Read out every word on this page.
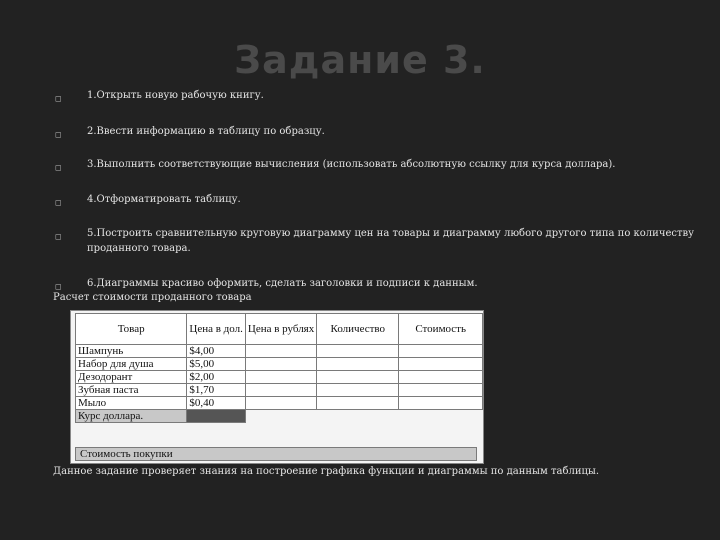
Задание 3.
◻	1.Открыть новую рабочую книгу.
◻	2.Ввести информацию в таблицу по образцу.
◻	3.Выполнить соответствующие вычисления (использовать абсолютную ссылку для курса доллара).
◻	4.Отформатировать таблицу.
◻	5.Построить сравнительную круговую диаграмму цен на товары и диаграмму любого другого типа по количеству проданного товара.
◻	6.Диаграммы красиво оформить, сделать заголовки и подписи к данным.
Расчет стоимости проданного товара
Товар	Цена в дол.	Цена в рублях	Количество	Стоимость
Шампунь	$4,00			
Набор для душа	$5,00			
Дезодорант	$2,00			
Зубная паста	$1,70			
Мыло	$0,40			
Курс доллара.				
Стоимость покупки
Данное задание проверяет знания на построение графика функции и диаграммы по данным таблицы.
